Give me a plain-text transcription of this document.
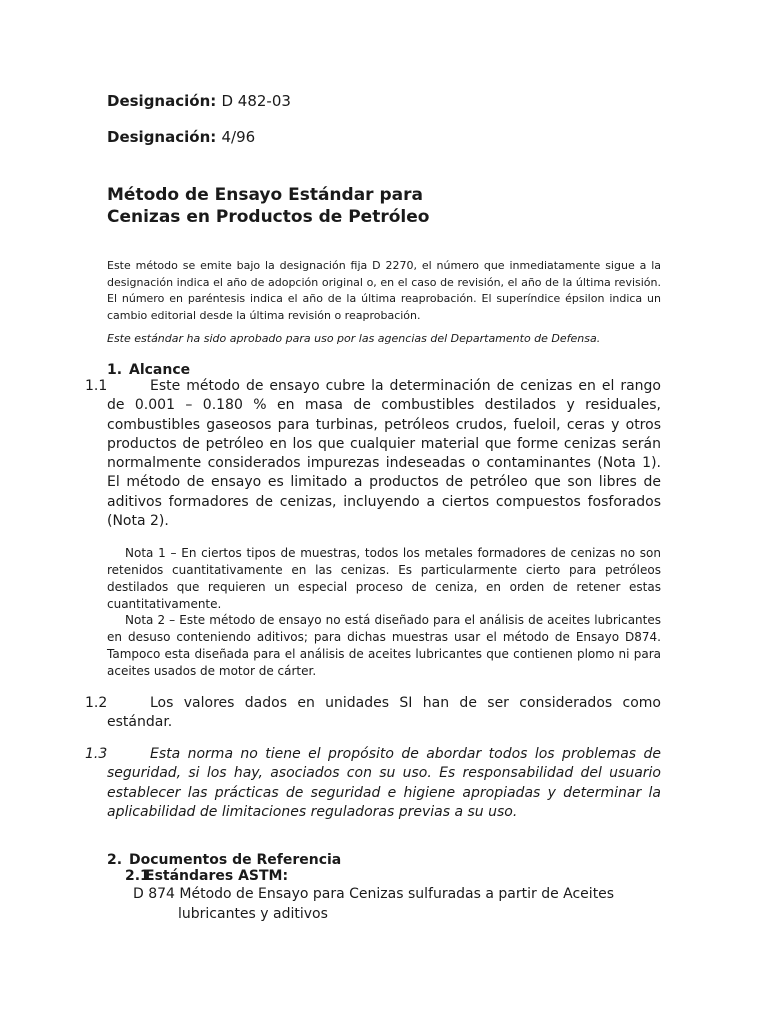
Designación: D 482-03
Designación: 4/96
Método de Ensayo Estándar para
Cenizas en Productos de Petróleo
Este método se emite bajo la designación fija D 2270, el número que inmediatamente sigue a la designación indica el año de adopción original o, en el caso de revisión, el año de la última revisión. El número en paréntesis indica el año de la última reaprobación. El superíndice épsilon indica un cambio editorial desde la última revisión o reaprobación.
Este estándar ha sido aprobado para uso por las agencias del Departamento de Defensa.
1. Alcance
1.1	Este método de ensayo cubre la determinación de cenizas en el rango de 0.001 – 0.180 % en masa de combustibles destilados y residuales, combustibles gaseosos para turbinas, petróleos crudos, fueloil, ceras y otros productos de petróleo en los que cualquier material que forme cenizas serán normalmente considerados impurezas indeseadas o contaminantes (Nota 1). El método de ensayo es limitado a productos de petróleo que son libres de aditivos formadores de cenizas, incluyendo a ciertos compuestos fosforados (Nota 2).
Nota 1 – En ciertos tipos de muestras, todos los metales formadores de cenizas no son retenidos cuantitativamente en las cenizas. Es particularmente cierto para petróleos destilados que requieren un especial proceso de ceniza, en orden de retener estas cuantitativamente.
Nota 2 – Este método de ensayo no está diseñado para el análisis de aceites lubricantes en desuso conteniendo aditivos; para dichas muestras usar el método de Ensayo D874. Tampoco esta diseñada para el análisis de aceites lubricantes que contienen plomo ni para aceites usados de motor de cárter.
1.2	Los valores dados en unidades SI han de ser considerados como estándar.
1.3	Esta norma no tiene el propósito de abordar todos los problemas de seguridad, si los hay, asociados con su uso. Es responsabilidad del usuario establecer las prácticas de seguridad e higiene apropiadas y determinar la aplicabilidad de limitaciones reguladoras previas a su uso.
2. Documentos de Referencia
2.1Estándares ASTM:
D 874 Método de Ensayo para Cenizas sulfuradas a partir de Aceites
lubricantes y aditivos
